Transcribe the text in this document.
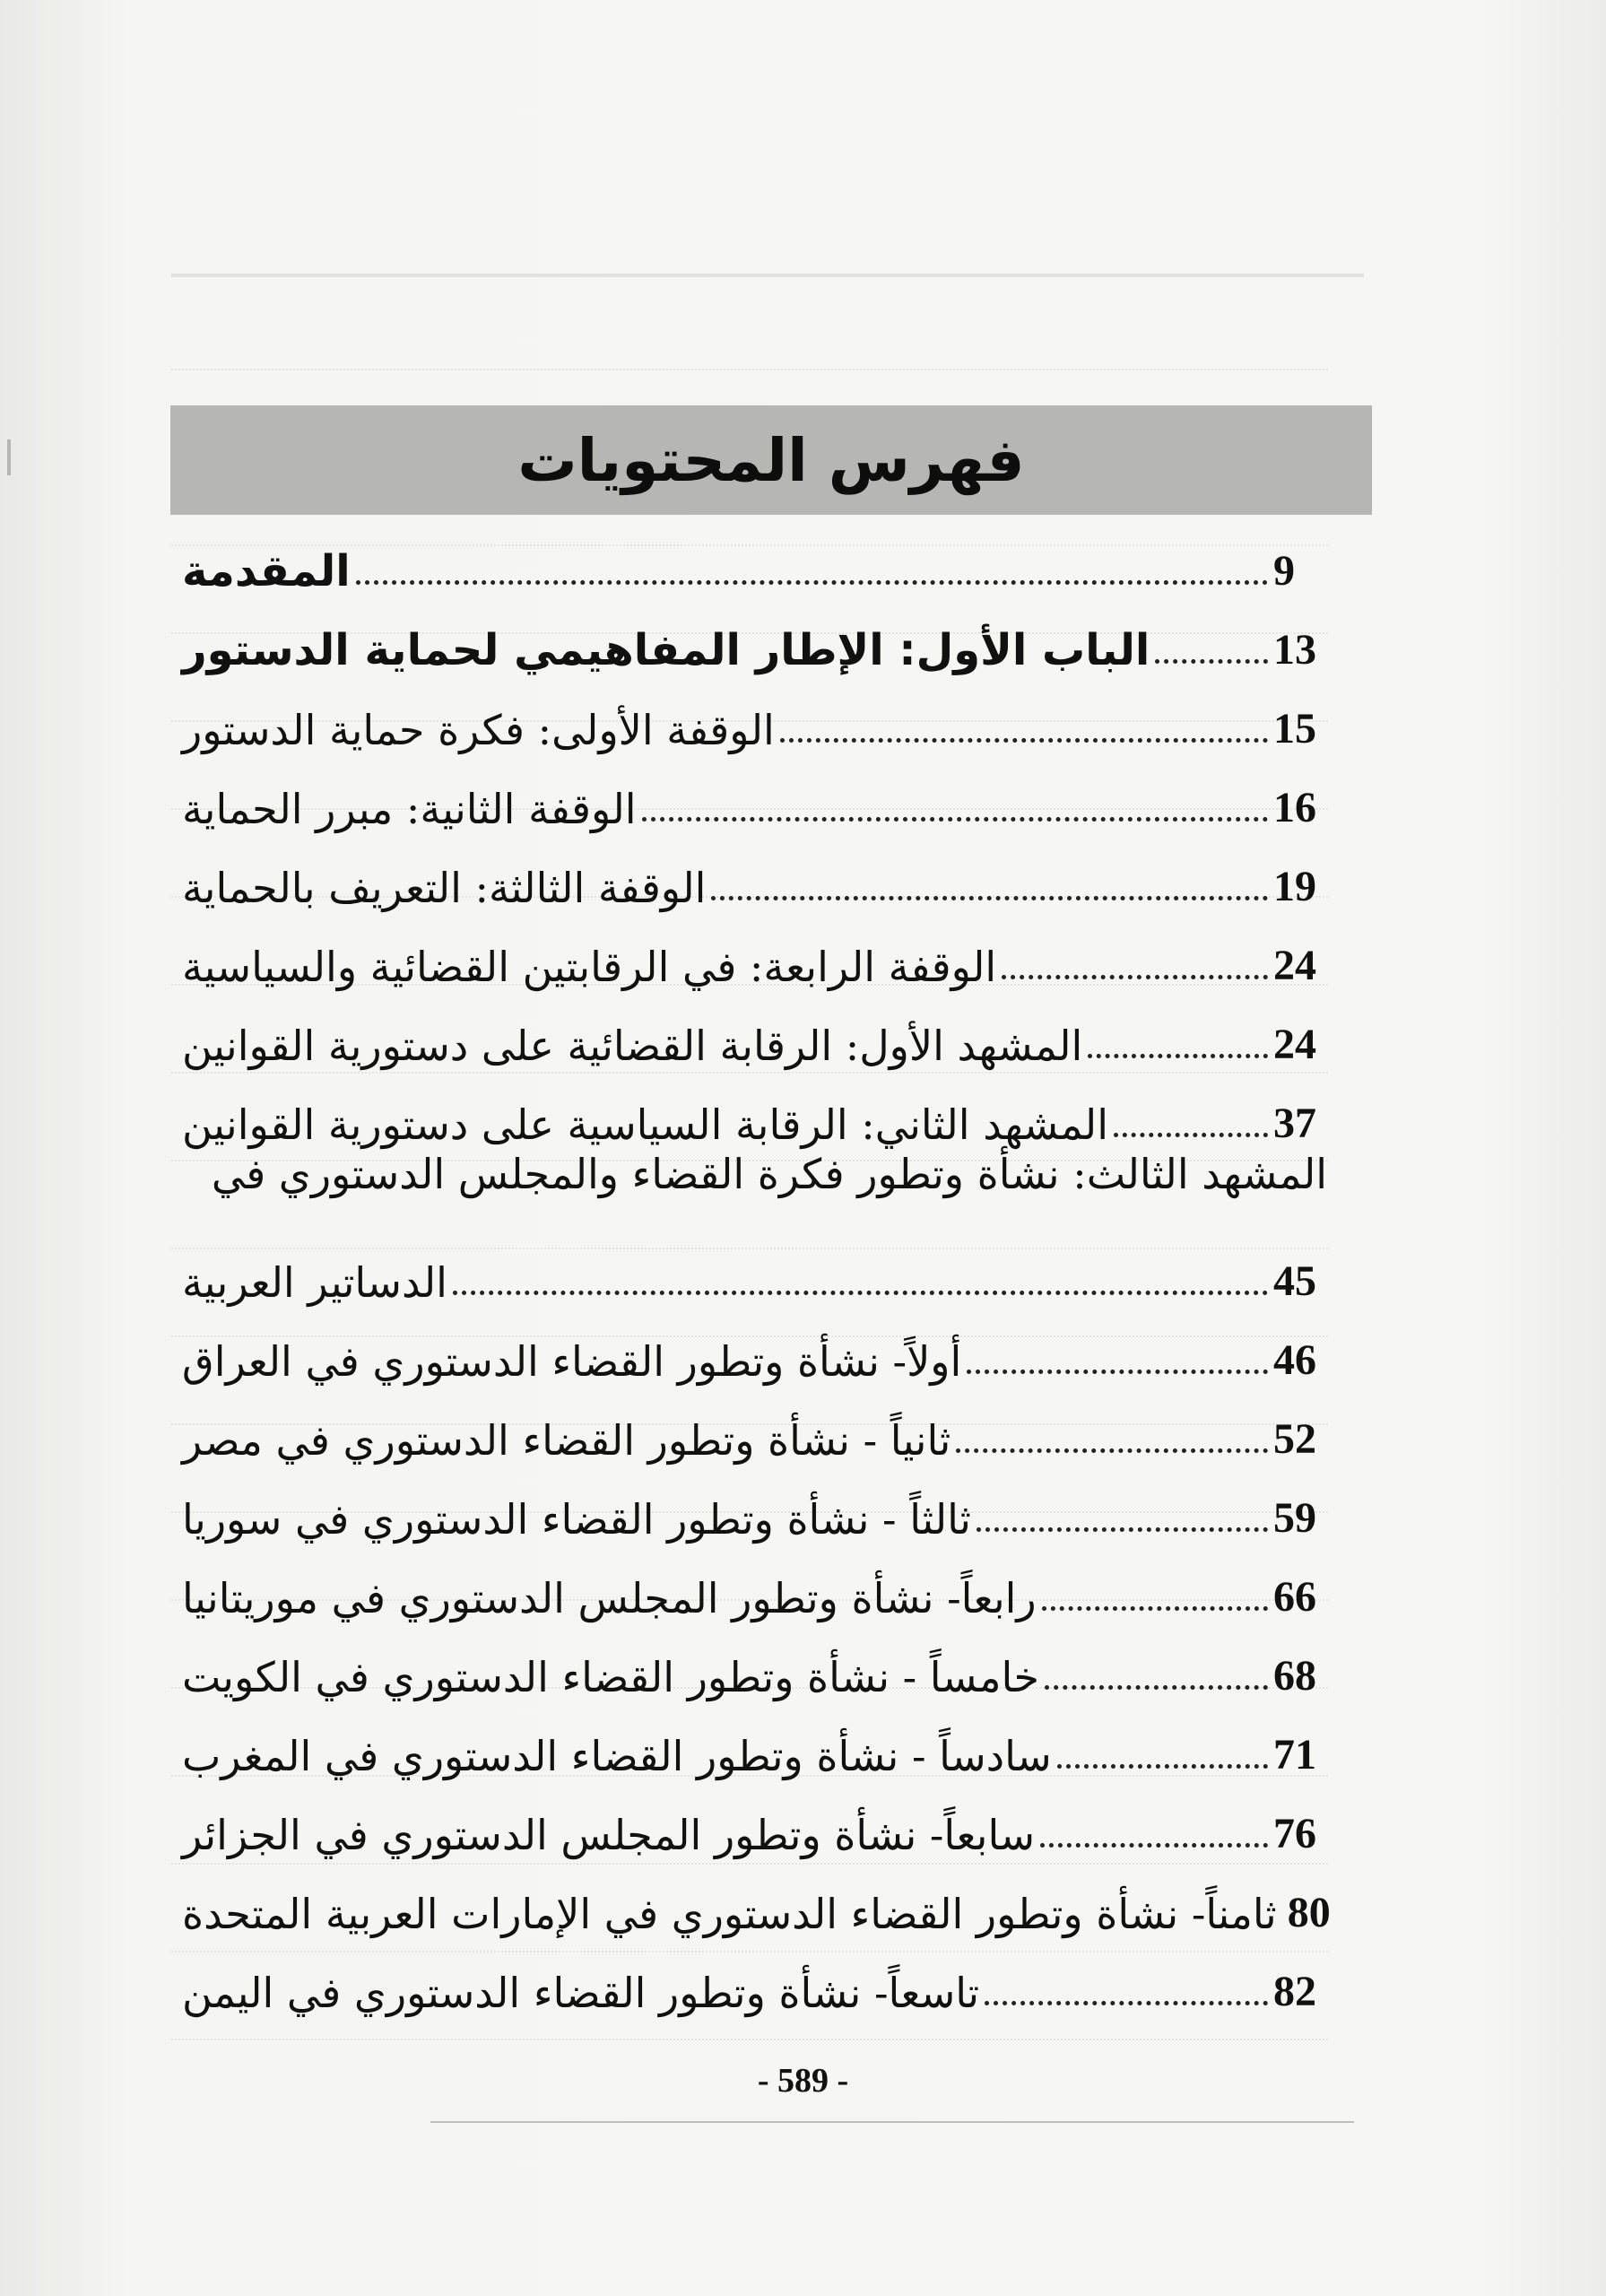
فهرس المحتويات
المقدمة	9
الباب الأول: الإطار المفاهيمي لحماية الدستور	13
الوقفة الأولى: فكرة حماية الدستور	15
الوقفة الثانية: مبرر الحماية	16
الوقفة الثالثة: التعريف بالحماية	19
الوقفة الرابعة: في الرقابتين القضائية والسياسية	24
المشهد الأول: الرقابة القضائية على دستورية القوانين	24
المشهد الثاني: الرقابة السياسية على دستورية القوانين	37
المشهد الثالث: نشأة وتطور فكرة القضاء والمجلس الدستوري في
الدساتير العربية	45
أولاً- نشأة وتطور القضاء الدستوري في العراق	46
ثانياً - نشأة وتطور القضاء الدستوري في مصر	52
ثالثاً - نشأة وتطور القضاء الدستوري في سوريا	59
رابعاً- نشأة وتطور المجلس الدستوري في موريتانيا	66
خامساً - نشأة وتطور القضاء الدستوري في الكويت	68
سادساً - نشأة وتطور القضاء الدستوري في المغرب	71
سابعاً- نشأة وتطور المجلس الدستوري في الجزائر	76
ثامناً- نشأة وتطور القضاء الدستوري في الإمارات العربية المتحدة 80
تاسعاً- نشأة وتطور القضاء الدستوري في اليمن	82
- 589 -
